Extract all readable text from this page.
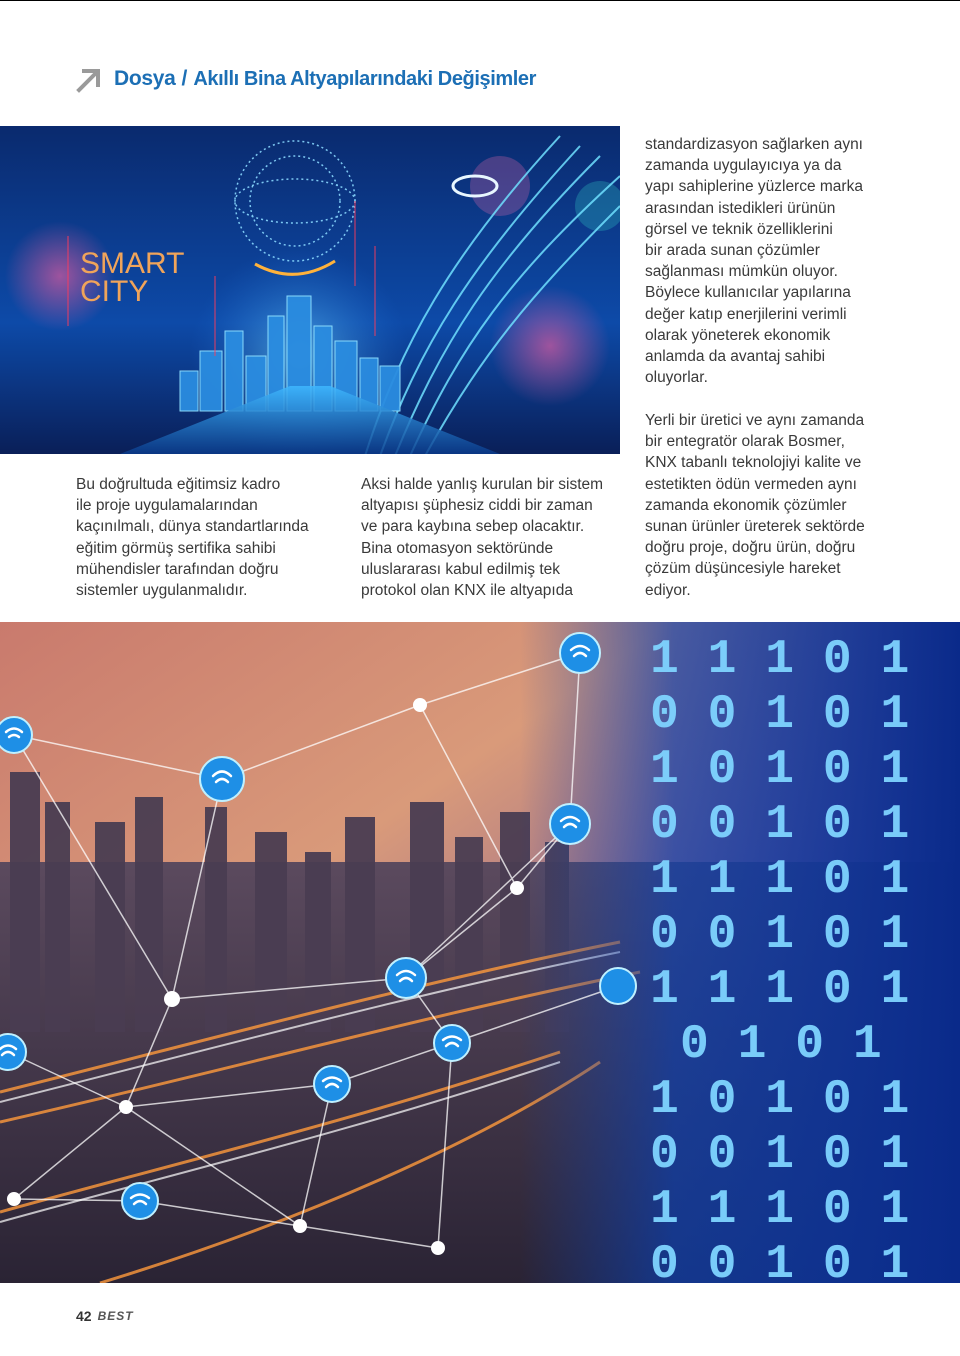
Dosya / Akıllı Bina Altyapılarındaki Değişimler
SMART
CITY

standardizasyon sağlarken aynı
zamanda uygulayıcıya ya da
yapı sahiplerine yüzlerce marka
arasından istedikleri ürünün
görsel ve teknik özelliklerini
bir arada sunan çözümler
sağlanması mümkün oluyor.
Böylece kullanıcılar yapılarına
değer katıp enerjilerini verimli
olarak yöneterek ekonomik
anlamda da avantaj sahibi
oluyorlar.

Yerli bir üretici ve aynı zamanda
bir entegratör olarak Bosmer,
KNX tabanlı teknolojiyi kalite ve
estetikten ödün vermeden aynı
zamanda ekonomik çözümler
sunan ürünler üreterek sektörde
doğru proje, doğru ürün, doğru
çözüm düşüncesiyle hareket
ediyor.

Bu doğrultuda eğitimsiz kadro
ile proje uygulamalarından
kaçınılmalı, dünya standartlarında
eğitim görmüş sertifika sahibi
mühendisler tarafından doğru
sistemler uygulanmalıdır.

Aksi halde yanlış kurulan bir sistem
altyapısı şüphesiz ciddi bir zaman
ve para kaybına sebep olacaktır.
Bina otomasyon sektöründe
uluslararası kabul edilmiş tek
protokol olan KNX ile altyapıda

1 1 1 0 1
0 0 1 0 1
1 0 1 0 1
0 0 1 0 1
1 1 1 0 1
0 0 1 0 1
1 1 1 0 1
0 1 0 1
1 0 1 0 1
0 0 1 0 1
1 1 1 0 1
0 0 1 0 1
42 BEST
